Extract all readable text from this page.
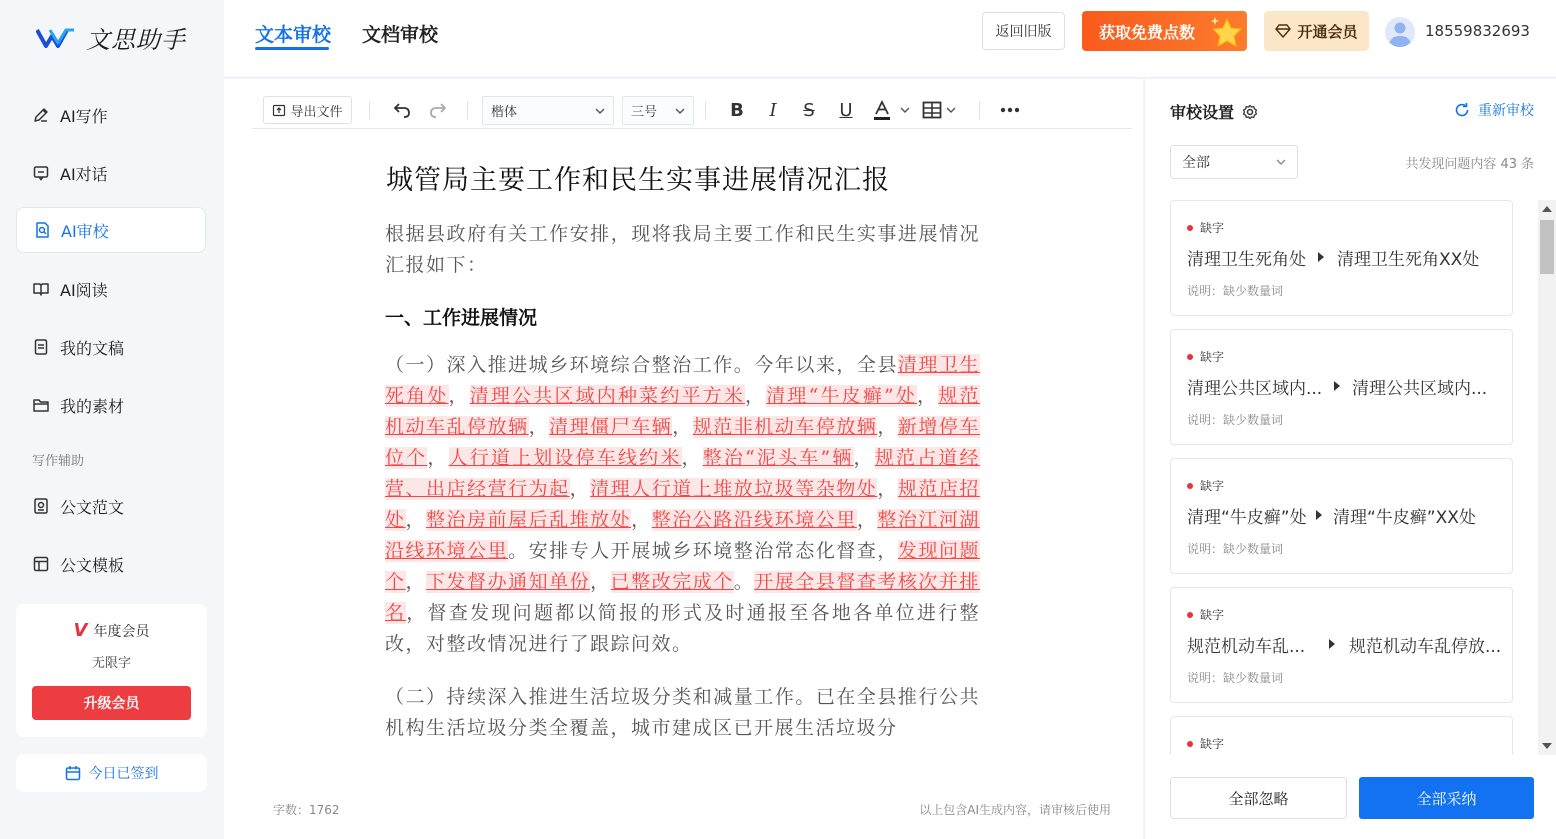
文思助手
AI写作
AI对话
AI审校
AI阅读
我的文稿
我的素材
写作辅助
公文范文
公文模板
V 年度会员
无限字
升级会员
今日已签到
文本审校 文档审校	返回旧版	获取免费点数	开通会员	18559832693
导出文件	楷体	三号	B	I	S U
城管局主要工作和民生实事进展情况汇报

根据县政府有关工作安排，现将我局主要工作和民生实事进展情况汇报如下：

一、工作进展情况

（一）深入推进城乡环境综合整治工作。今年以来，全县清理卫生死角处，清理公共区域内种菜约平方米，清理“牛皮癣”处，规范机动车乱停放辆，清理僵尸车辆，规范非机动车停放辆，新增停车位个，人行道上划设停车线约米，整治“泥头车”辆，规范占道经营、出店经营行为起，清理人行道上堆放垃圾等杂物处，规范店招处，整治房前屋后乱堆放处，整治公路沿线环境公里，整治江河湖沿线环境公里。安排专人开展城乡环境整治常态化督查，发现问题个，下发督办通知单份，已整改完成个。开展全县督查考核次并排名，督查发现问题都以简报的形式及时通报至各地各单位进行整改，对整改情况进行了跟踪问效。

（二）持续深入推进生活垃圾分类和减量工作。已在全县推行公共机构生活垃圾分类全覆盖，城市建成区已开展生活垃圾分

字数：1762	以上包含AI生成内容，请审核后使用
审校设置	重新审校
全部	共发现问题内容 43 条
缺字
清理卫生死角处 清理卫生死角XX处
说明：缺少数量词
缺字
清理公共区域内... 清理公共区域内...
说明：缺少数量词
缺字
清理“牛皮癣”处 清理“牛皮癣”XX处
说明：缺少数量词
缺字
规范机动车乱...	规范机动车乱停放...
说明：缺少数量词
缺字
全部忽略	全部采纳
